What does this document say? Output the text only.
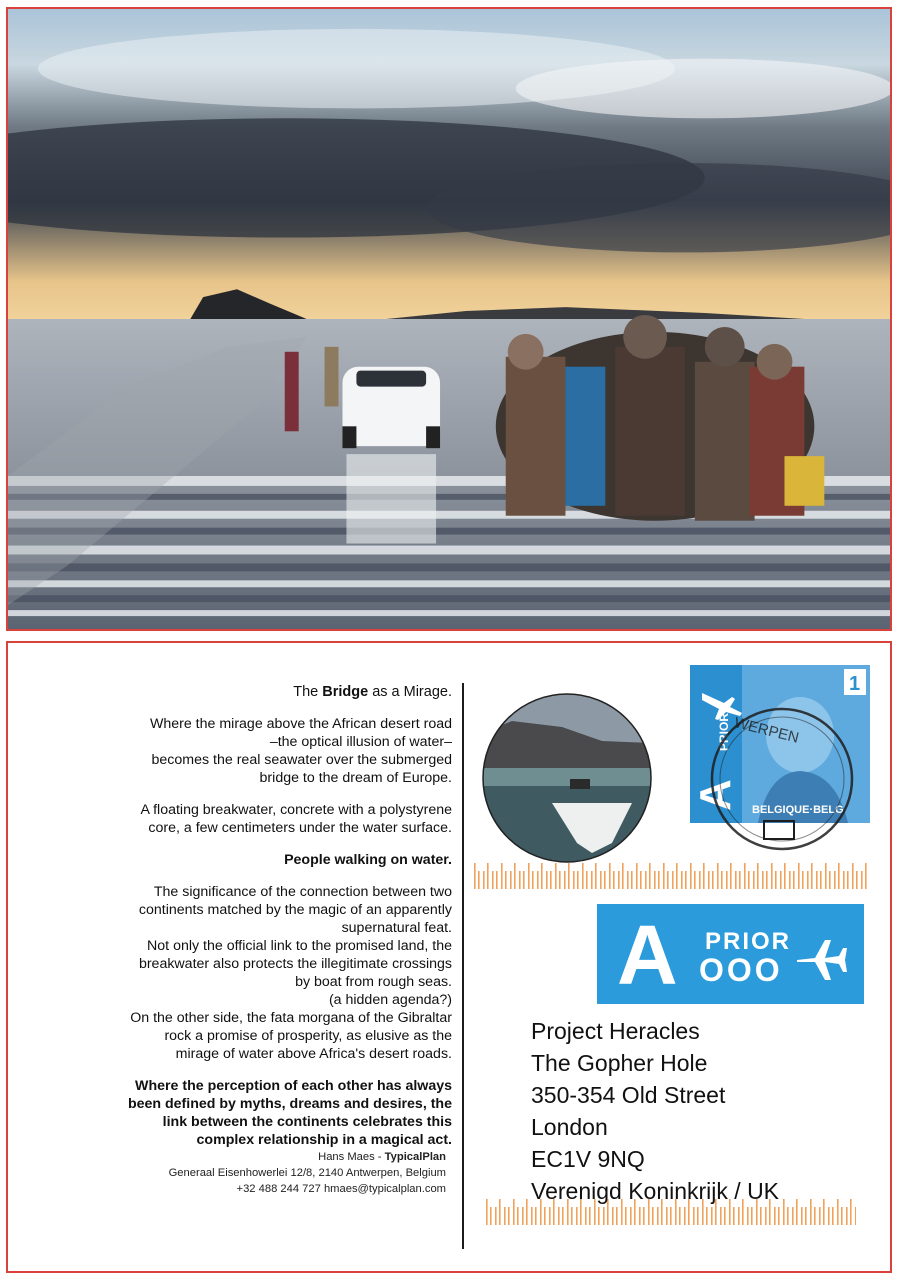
The Bridge as a Mirage.

Where the mirage above the African desert road
–the optical illusion of water–
becomes the real seawater over the submerged
bridge to the dream of Europe.

A floating breakwater, concrete with a polystyrene
core, a few centimeters under the water surface.

People walking on water.

The significance of the connection between two
continents matched by the magic of an apparently
supernatural feat.
Not only the official link to the promised land, the
breakwater also protects the illegitimate crossings
by boat from rough seas.
(a hidden agenda?)
On the other side, the fata morgana of the Gibraltar
rock a promise of prosperity, as elusive as the
mirage of water above Africa's desert roads.

Where the perception of each other has always
been defined by myths, dreams and desires, the
link between the continents celebrates this
complex relationship in a magical act.

Hans Maes - TypicalPlan

Generaal Eisenhowerlei 12/8, 2140 Antwerpen, Belgium

+32 488 244 727 hmaes@typicalplan.com

PRIOR
A
1
BELGIQUE·BELG
WERPEN
A PRIOR
OOO
Project Heracles
The Gopher Hole
350-354 Old Street
London
EC1V 9NQ
Verenigd Koninkrijk / UK
